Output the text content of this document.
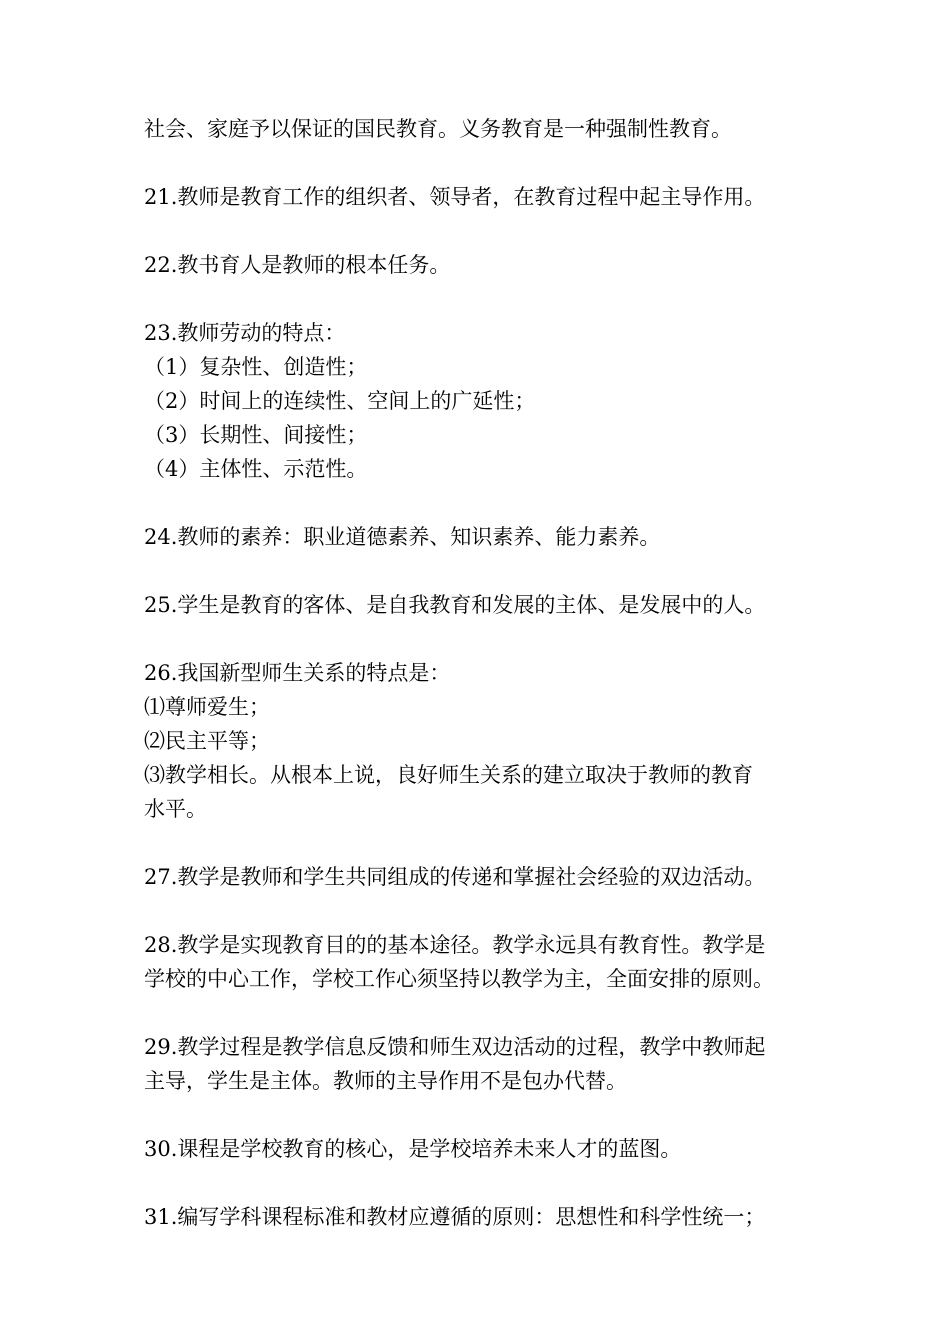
社会、家庭予以保证的国民教育。义务教育是一种强制性教育。
21.教师是教育工作的组织者、领导者，在教育过程中起主导作用。
22.教书育人是教师的根本任务。
23.教师劳动的特点：
（1）复杂性、创造性；
（2）时间上的连续性、空间上的广延性；
（3）长期性、间接性；
（4）主体性、示范性。
24.教师的素养：职业道德素养、知识素养、能力素养。
25.学生是教育的客体、是自我教育和发展的主体、是发展中的人。
26.我国新型师生关系的特点是：
⑴尊师爱生；
⑵民主平等；
⑶教学相长。从根本上说，良好师生关系的建立取决于教师的教育
水平。
27.教学是教师和学生共同组成的传递和掌握社会经验的双边活动。
28.教学是实现教育目的的基本途径。教学永远具有教育性。教学是
学校的中心工作，学校工作心须坚持以教学为主，全面安排的原则。
29.教学过程是教学信息反馈和师生双边活动的过程，教学中教师起
主导，学生是主体。教师的主导作用不是包办代替。
30.课程是学校教育的核心，是学校培养未来人才的蓝图。
31.编写学科课程标准和教材应遵循的原则：思想性和科学性统一；
